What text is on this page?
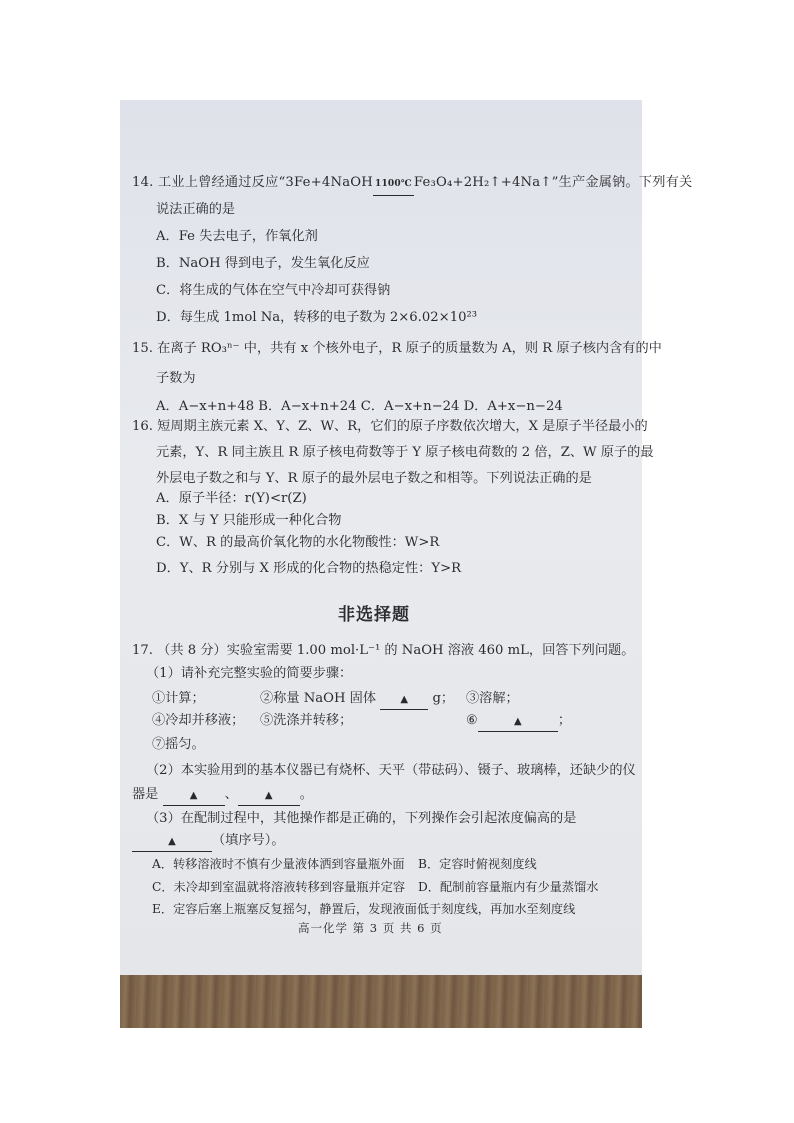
14. 工业上曾经通过反应“3Fe+4NaOH 1100℃ Fe₃O₄+2H₂↑+4Na↑”生产金属钠。下列有关
说法正确的是
A．Fe 失去电子，作氧化剂
B．NaOH 得到电子，发生氧化反应
C．将生成的气体在空气中冷却可获得钠
D．每生成 1mol Na，转移的电子数为 2×6.02×10²³
15. 在离子 RO₃ⁿ⁻ 中，共有 x 个核外电子，R 原子的质量数为 A，则 R 原子核内含有的中
子数为
A．A−x+n+48 B．A−x+n+24 C．A−x+n−24 D．A+x−n−24
16. 短周期主族元素 X、Y、Z、W、R，它们的原子序数依次增大，X 是原子半径最小的
元素，Y、R 同主族且 R 原子核电荷数等于 Y 原子核电荷数的 2 倍，Z、W 原子的最
外层电子数之和与 Y、R 原子的最外层电子数之和相等。下列说法正确的是
A．原子半径：r(Y)<r(Z)
B．X 与 Y 只能形成一种化合物
C．W、R 的最高价氧化物的水化物酸性：W>R
D．Y、R 分别与 X 形成的化合物的热稳定性：Y>R
非选择题
17. （共 8 分）实验室需要 1.00 mol·L⁻¹ 的 NaOH 溶液 460 mL，回答下列问题。
（1）请补充完整实验的简要步骤：
①计算；	②称量 NaOH 固体 ▲ g； ③溶解；
④冷却并移液； ⑤洗涤并转移；	⑥	▲	；
⑦摇匀。
（2）本实验用到的基本仪器已有烧杯、天平（带砝码）、镊子、玻璃棒，还缺少的仪
器是	▲ 、	▲ 。
（3）在配制过程中，其他操作都是正确的，下列操作会引起浓度偏高的是
▲	（填序号）。
A．转移溶液时不慎有少量液体洒到容量瓶外面 B．定容时俯视刻度线
C．未冷却到室温就将溶液转移到容量瓶并定容 D．配制前容量瓶内有少量蒸馏水
E．定容后塞上瓶塞反复摇匀，静置后，发现液面低于刻度线，再加水至刻度线
高一化学 第 3 页 共 6 页
